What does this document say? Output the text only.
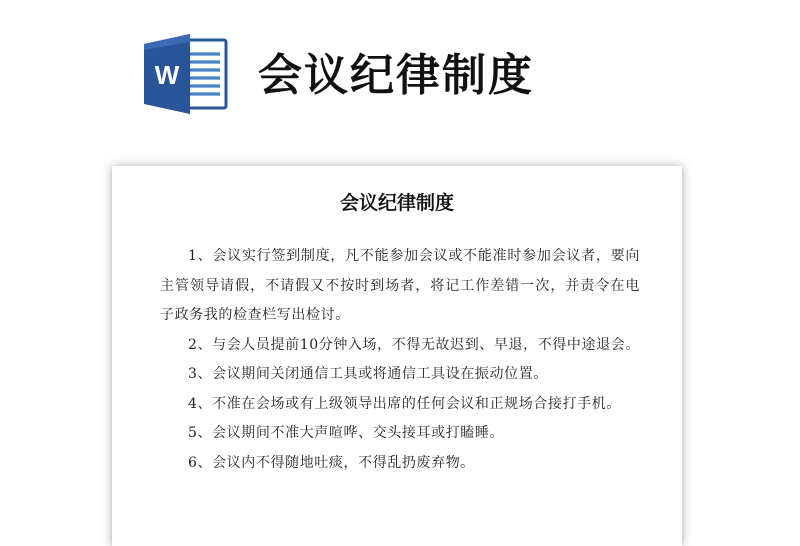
W 会议纪律制度
会议纪律制度

1、会议实行签到制度，凡不能参加会议或不能准时参加会议者，要向主管领导请假，不请假又不按时到场者，将记工作差错一次，并责令在电子政务我的检查栏写出检讨。

2、与会人员提前10分钟入场，不得无故迟到、早退，不得中途退会。

3、会议期间关闭通信工具或将通信工具设在振动位置。

4、不准在会场或有上级领导出席的任何会议和正规场合接打手机。

5、会议期间不准大声喧哗、交头接耳或打瞌睡。

6、会议内不得随地吐痰，不得乱扔废弃物。
